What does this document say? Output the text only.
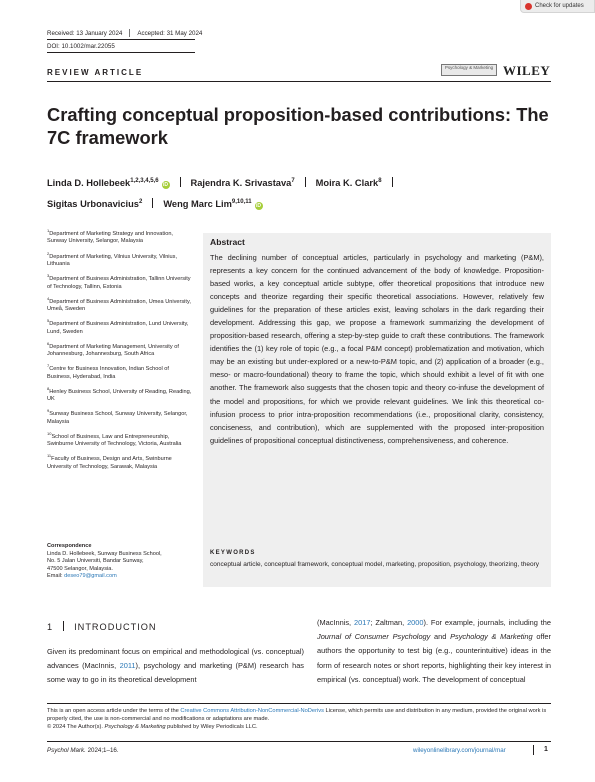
Check for updates
Received: 13 January 2024 Accepted: 31 May 2024
DOI: 10.1002/mar.22055
REVIEW ARTICLE
Psychology & Marketing WILEY
Crafting conceptual proposition-based contributions: The 7C framework
Linda D. Hollebeek$^{1,2,3,4,5,6}$iD Rajendra K. Srivastava$^7$ Moira K. Clark$^8$
Sigitas Urbonavicius$^2$ Weng Marc Lim$^{9,10,11}$iD

$^1$Department of Marketing Strategy and Innovation, Sunway University, Selangor, Malaysia

$^2$Department of Marketing, Vilnius University, Vilnius, Lithuania

$^3$Department of Business Administration, Tallinn University of Technology, Tallinn, Estonia

$^4$Department of Business Administration, Umea University, Umeå, Sweden

$^5$Department of Business Administration, Lund University, Lund, Sweden

$^6$Department of Marketing Management, University of Johannesburg, Johannesburg, South Africa

$^7$Centre for Business Innovation, Indian School of Business, Hyderabad, India

$^8$Henley Business School, University of Reading, Reading, UK

$^9$Sunway Business School, Sunway University, Selangor, Malaysia

$^{10}$School of Business, Law and Entrepreneurship, Swinburne University of Technology, Victoria, Australia

$^{11}$Faculty of Business, Design and Arts, Swinburne University of Technology, Sarawak, Malaysia

Correspondence
Linda D. Hollebeek, Sunway Business School,
No. 5 Jalan Universiti, Bandar Sunway,
47500 Selangor, Malaysia.
Email: deseo79@gmail.com
Abstract
The declining number of conceptual articles, particularly in psychology and marketing (P&M), represents a key concern for the continued advancement of the body of knowledge. Proposition-based works, a key conceptual article subtype, offer theoretical propositions that introduce new concepts and theorize regarding their specific theoretical associations. However, relatively few guidelines for the preparation of these articles exist, leaving scholars in the dark regarding their development. Addressing this gap, we propose a framework summarizing the development of proposition-based research, offering a step-by-step guide to craft these contributions. The framework identifies the (1) key role of topic (e.g., a focal P&M concept) problematization and motivation, which may be an existing but under-explored or a new-to-P&M topic, and (2) application of a broader (e.g., meso- or macro-foundational) theory to frame the topic, which should exhibit a level of fit with one another. The framework also suggests that the chosen topic and theory co-infuse the development of the model and propositions, for which we provide relevant guidelines. We link this theoretical co-infusion process to prior intra-proposition recommendations (i.e., propositional clarity, consistency, conciseness, and contribution), which are supplemented with the proposed inter-proposition guidelines of propositional conceptual distinctiveness, comprehensiveness, and coherence.
KEYWORDS
conceptual article, conceptual framework, conceptual model, marketing, proposition, psychology, theorizing, theory
1 INTRODUCTION
Given its predominant focus on empirical and methodological (vs. conceptual) advances (MacInnis, 2011), psychology and marketing (P&M) research has some way to go in its theoretical development
(MacInnis, 2017; Zaltman, 2000). For example, journals, including the Journal of Consumer Psychology and Psychology & Marketing offer authors the opportunity to test big (e.g., counterintuitive) ideas in the form of research notes or short reports, highlighting their key interest in empirical (vs. conceptual) work. The development of conceptual
This is an open access article under the terms of the Creative Commons Attribution-NonCommercial-NoDerivs License, which permits use and distribution in any medium, provided the original work is properly cited, the use is non-commercial and no modifications or adaptations are made.
© 2024 The Author(s). Psychology & Marketing published by Wiley Periodicals LLC.
Psychol Mark. 2024;1–16.	wileyonlinelibrary.com/journal/mar	1
